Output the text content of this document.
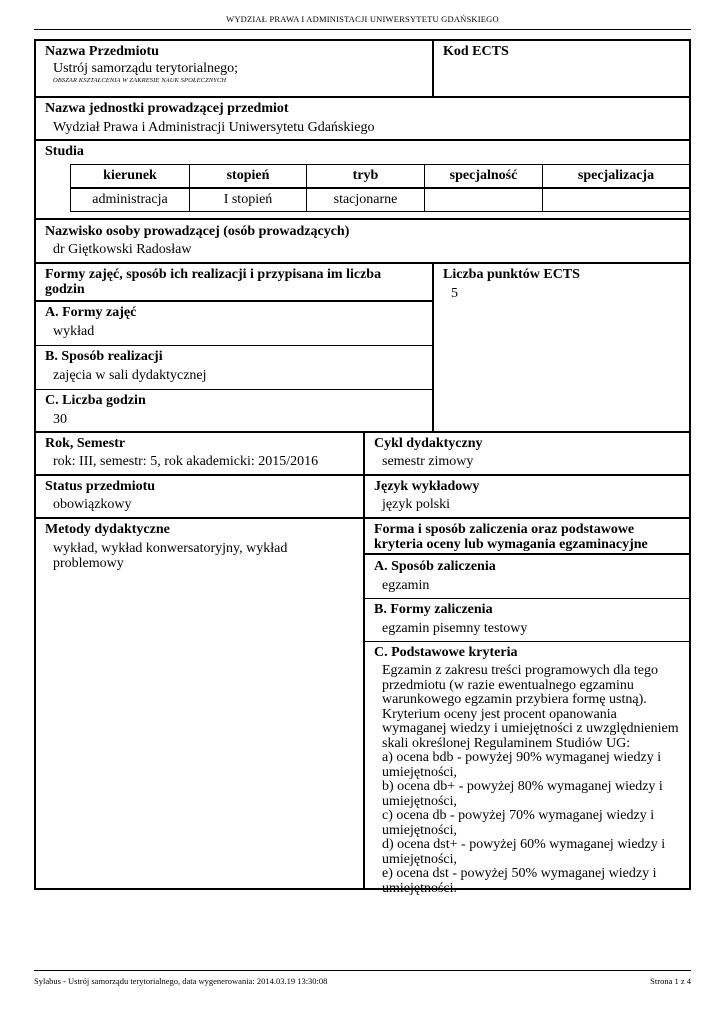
WYDZIAŁ PRAWA I ADMINISTACJI UNIWERSYTETU GDAŃSKIEGO
Nazwa Przedmiotu
Ustrój samorządu terytorialnego;
OBSZAR KSZTAŁCENIA W ZAKRESIE NAUK SPOŁECZNYCH
Kod ECTS
Nazwa jednostki prowadzącej przedmiot
Wydział Prawa i Administracji Uniwersytetu Gdańskiego
Studia
kierunek	stopień	tryb	specjalność	specjalizacja
administracja	I stopień	stacjonarne		
Nazwisko osoby prowadzącej (osób prowadzących)
dr Giętkowski Radosław
Formy zajęć, sposób ich realizacji i przypisana im liczba godzin
A. Formy zajęć
wykład
B. Sposób realizacji
zajęcia w sali dydaktycznej
C. Liczba godzin
30
Liczba punktów ECTS
5
Rok, Semestr
rok: III, semestr: 5, rok akademicki: 2015/2016
Cykl dydaktyczny
semestr zimowy
Status przedmiotu
obowiązkowy
Język wykładowy
język polski
Metody dydaktyczne
wykład, wykład konwersatoryjny, wykład problemowy
Forma i sposób zaliczenia oraz podstawowe kryteria oceny lub wymagania egzaminacyjne
A. Sposób zaliczenia
egzamin
B. Formy zaliczenia
egzamin pisemny testowy
C. Podstawowe kryteria
Egzamin z zakresu treści programowych dla tego
przedmiotu (w razie ewentualnego egzaminu
warunkowego egzamin przybiera formę ustną).
Kryterium oceny jest procent opanowania
wymaganej wiedzy i umiejętności z uwzględnieniem
skali określonej Regulaminem Studiów UG:
a) ocena bdb - powyżej 90% wymaganej wiedzy i
umiejętności,
b) ocena db+ - powyżej 80% wymaganej wiedzy i
umiejętności,
c) ocena db - powyżej 70% wymaganej wiedzy i
umiejętności,
d) ocena dst+ - powyżej 60% wymaganej wiedzy i
umiejętności,
e) ocena dst - powyżej 50% wymaganej wiedzy i
umiejętności.
Sylabus - Ustrój samorządu terytorialnego, data wygenerowania: 2014.03.19 13:30:08	Strona 1 z 4
